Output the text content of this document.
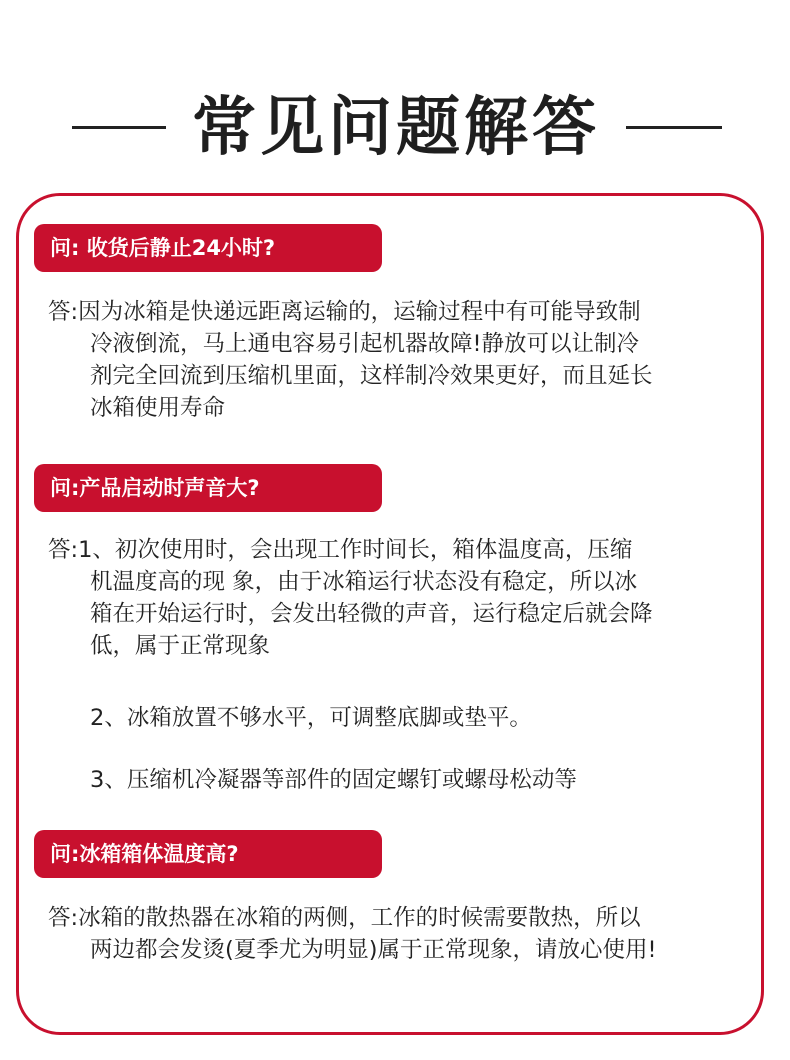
常见问题解答
问: 收货后静止24小时?
答:因为冰箱是快递远距离运输的，运输过程中有可能导致制
冷液倒流，马上通电容易引起机器故障!静放可以让制冷
剂完全回流到压缩机里面，这样制冷效果更好，而且延长
冰箱使用寿命
问:产品启动时声音大?
答:1、初次使用时，会出现工作时间长，箱体温度高，压缩
机温度高的现 象，由于冰箱运行状态没有稳定，所以冰
箱在开始运行时，会发出轻微的声音，运行稳定后就会降
低，属于正常现象
2、冰箱放置不够水平，可调整底脚或垫平。
3、压缩机冷凝器等部件的固定螺钉或螺母松动等
问:冰箱箱体温度高?
答:冰箱的散热器在冰箱的两侧，工作的时候需要散热，所以
两边都会发烫(夏季尤为明显)属于正常现象，请放心使用!
